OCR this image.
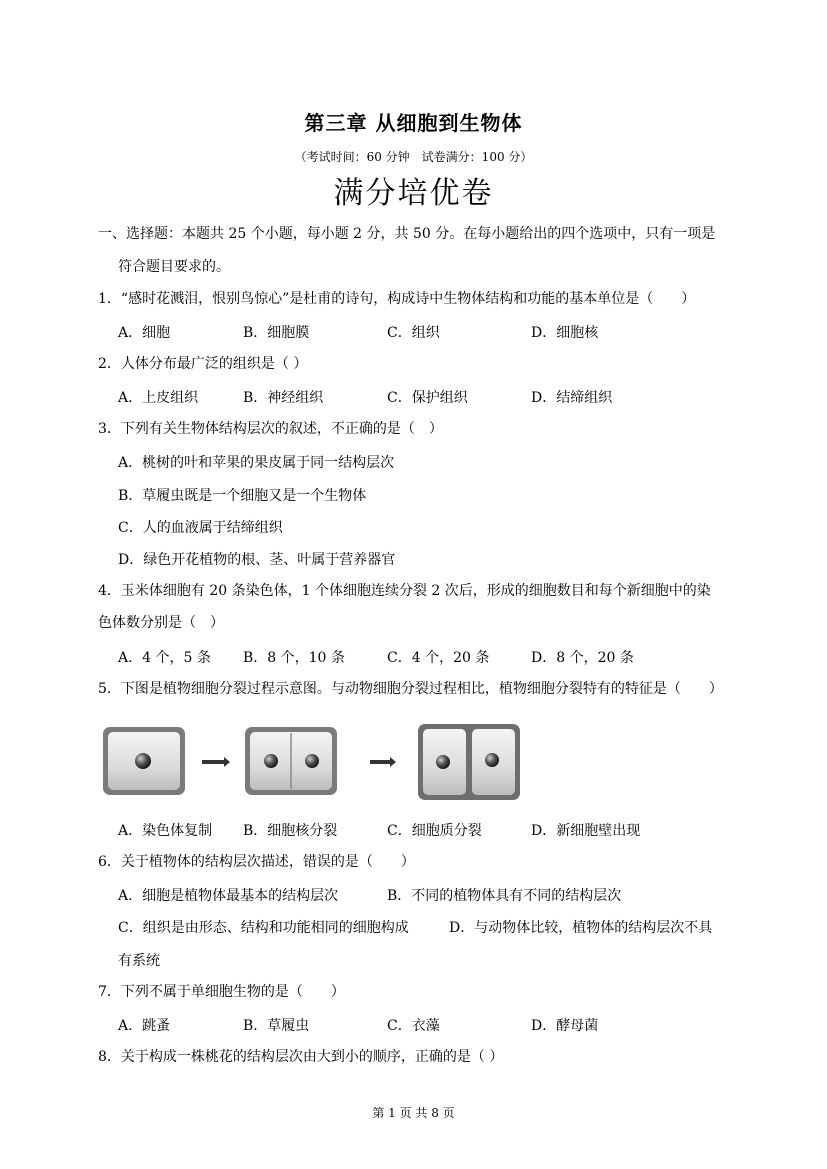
第三章 从细胞到生物体
（考试时间：60 分钟　试卷满分：100 分）
满分培优卷
一、选择题：本题共 25 个小题，每小题 2 分，共 50 分。在每小题给出的四个选项中，只有一项是
符合题目要求的。
1．“感时花溅泪，恨别鸟惊心”是杜甫的诗句，构成诗中生物体结构和功能的基本单位是（　　）
A．细胞	B．细胞膜	C．组织	D．细胞核
2．人体分布最广泛的组织是（ ）
A．上皮组织	B．神经组织	C．保护组织	D．结缔组织
3．下列有关生物体结构层次的叙述，不正确的是（　）
A．桃树的叶和苹果的果皮属于同一结构层次
B．草履虫既是一个细胞又是一个生物体
C．人的血液属于结缔组织
D．绿色开花植物的根、茎、叶属于营养器官
4．玉米体细胞有 20 条染色体，1 个体细胞连续分裂 2 次后，形成的细胞数目和每个新细胞中的染
色体数分别是（　）
A．4 个，5 条 B．8 个，10 条	C．4 个，20 条	D．8 个，20 条
5．下图是植物细胞分裂过程示意图。与动物细胞分裂过程相比，植物细胞分裂特有的特征是（　　）
A．染色体复制 B．细胞核分裂	C．细胞质分裂	D．新细胞壁出现
6．关于植物体的结构层次描述，错误的是（　　）
A．细胞是植物体最基本的结构层次	B．不同的植物体具有不同的结构层次
C．组织是由形态、结构和功能相同的细胞构成	D．与动物体比较，植物体的结构层次不具
有系统
7．下列不属于单细胞生物的是（　　）
A．跳蚤	B．草履虫	C．衣藻	D．酵母菌
8．关于构成一株桃花的结构层次由大到小的顺序，正确的是（ ）
第 1 页 共 8 页
